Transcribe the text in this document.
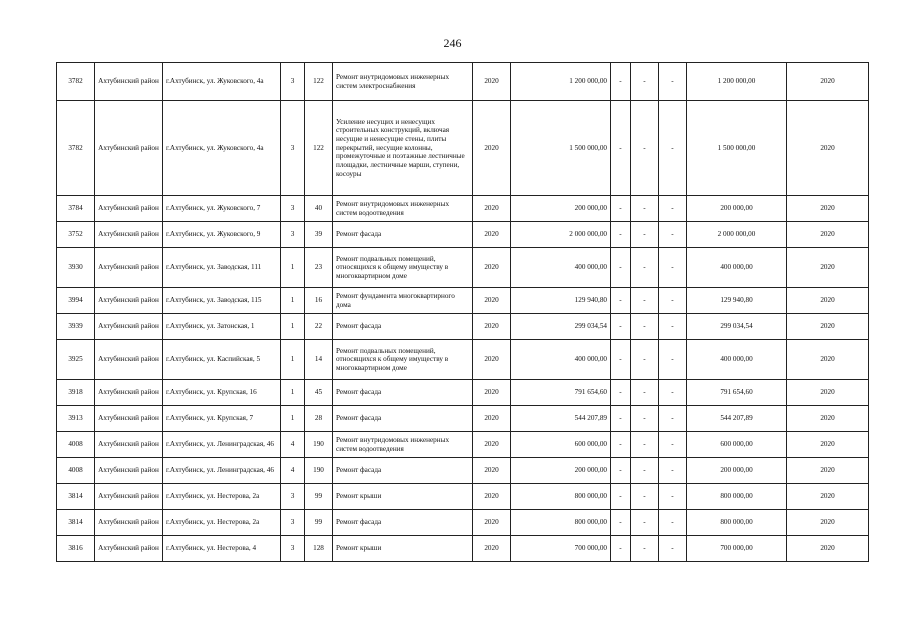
246
3782	Ахтубинский район	г.Ахтубинск, ул. Жуковского, 4а	3	122	Ремонт внутридомовых инженерных систем электроснабжения	2020	1 200 000,00	-	-	-	1 200 000,00	2020
3782	Ахтубинский район	г.Ахтубинск, ул. Жуковского, 4а	3	122	Усиление несущих и ненесущих строительных конструкций, включая несущие и ненесущие стены, плиты перекрытий, несущие колонны, промежуточные и поэтажные лестничные площадки, лестничные марши, ступени, косоуры	2020	1 500 000,00	-	-	-	1 500 000,00	2020
3784	Ахтубинский район	г.Ахтубинск, ул. Жуковского, 7	3	40	Ремонт внутридомовых инженерных систем водоотведения	2020	200 000,00	-	-	-	200 000,00	2020
3752	Ахтубинский район	г.Ахтубинск, ул. Жуковского, 9	3	39	Ремонт фасада	2020	2 000 000,00	-	-	-	2 000 000,00	2020
3930	Ахтубинский район	г.Ахтубинск, ул. Заводская, 111	1	23	Ремонт подвальных помещений, относящихся к общему имуществу в многоквартирном доме	2020	400 000,00	-	-	-	400 000,00	2020
3994	Ахтубинский район	г.Ахтубинск, ул. Заводская, 115	1	16	Ремонт фундамента многоквартирного дома	2020	129 940,80	-	-	-	129 940,80	2020
3939	Ахтубинский район	г.Ахтубинск, ул. Затонская, 1	1	22	Ремонт фасада	2020	299 034,54	-	-	-	299 034,54	2020
3925	Ахтубинский район	г.Ахтубинск, ул. Каспийская, 5	1	14	Ремонт подвальных помещений, относящихся к общему имуществу в многоквартирном доме	2020	400 000,00	-	-	-	400 000,00	2020
3918	Ахтубинский район	г.Ахтубинск, ул. Крупская, 16	1	45	Ремонт фасада	2020	791 654,60	-	-	-	791 654,60	2020
3913	Ахтубинский район	г.Ахтубинск, ул. Крупская, 7	1	28	Ремонт фасада	2020	544 207,89	-	-	-	544 207,89	2020
4008	Ахтубинский район	г.Ахтубинск, ул. Ленинградская, 46	4	190	Ремонт внутридомовых инженерных систем водоотведения	2020	600 000,00	-	-	-	600 000,00	2020
4008	Ахтубинский район	г.Ахтубинск, ул. Ленинградская, 46	4	190	Ремонт фасада	2020	200 000,00	-	-	-	200 000,00	2020
3814	Ахтубинский район	г.Ахтубинск, ул. Нестерова, 2а	3	99	Ремонт крыши	2020	800 000,00	-	-	-	800 000,00	2020
3814	Ахтубинский район	г.Ахтубинск, ул. Нестерова, 2а	3	99	Ремонт фасада	2020	800 000,00	-	-	-	800 000,00	2020
3816	Ахтубинский район	г.Ахтубинск, ул. Нестерова, 4	3	128	Ремонт крыши	2020	700 000,00	-	-	-	700 000,00	2020
